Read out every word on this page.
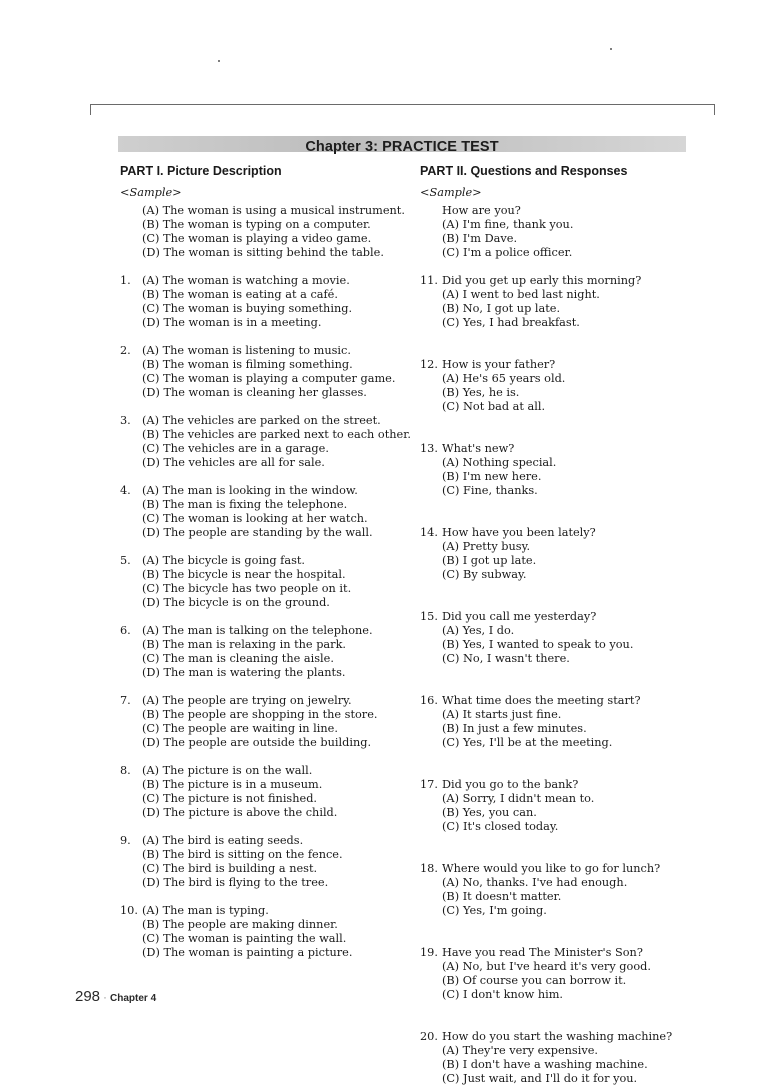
Chapter 3: PRACTICE TEST
PART I. Picture Description
<Sample>
(A) The woman is using a musical instrument.
(B) The woman is typing on a computer.
(C) The woman is playing a video game.
(D) The woman is sitting behind the table.
1. (A) The woman is watching a movie.
(B) The woman is eating at a café.
(C) The woman is buying something.
(D) The woman is in a meeting.
2. (A) The woman is listening to music.
(B) The woman is filming something.
(C) The woman is playing a computer game.
(D) The woman is cleaning her glasses.
3. (A) The vehicles are parked on the street.
(B) The vehicles are parked next to each other.
(C) The vehicles are in a garage.
(D) The vehicles are all for sale.
4. (A) The man is looking in the window.
(B) The man is fixing the telephone.
(C) The woman is looking at her watch.
(D) The people are standing by the wall.
5. (A) The bicycle is going fast.
(B) The bicycle is near the hospital.
(C) The bicycle has two people on it.
(D) The bicycle is on the ground.
6. (A) The man is talking on the telephone.
(B) The man is relaxing in the park.
(C) The man is cleaning the aisle.
(D) The man is watering the plants.
7. (A) The people are trying on jewelry.
(B) The people are shopping in the store.
(C) The people are waiting in line.
(D) The people are outside the building.
8. (A) The picture is on the wall.
(B) The picture is in a museum.
(C) The picture is not finished.
(D) The picture is above the child.
9. (A) The bird is eating seeds.
(B) The bird is sitting on the fence.
(C) The bird is building a nest.
(D) The bird is flying to the tree.
10. (A) The man is typing.
(B) The people are making dinner.
(C) The woman is painting the wall.
(D) The woman is painting a picture.
PART II. Questions and Responses
<Sample>
How are you?
(A) I'm fine, thank you.
(B) I'm Dave.
(C) I'm a police officer.
11. Did you get up early this morning?
(A) I went to bed last night.
(B) No, I got up late.
(C) Yes, I had breakfast.
12. How is your father?
(A) He's 65 years old.
(B) Yes, he is.
(C) Not bad at all.
13. What's new?
(A) Nothing special.
(B) I'm new here.
(C) Fine, thanks.
14. How have you been lately?
(A) Pretty busy.
(B) I got up late.
(C) By subway.
15. Did you call me yesterday?
(A) Yes, I do.
(B) Yes, I wanted to speak to you.
(C) No, I wasn't there.
16. What time does the meeting start?
(A) It starts just fine.
(B) In just a few minutes.
(C) Yes, I'll be at the meeting.
17. Did you go to the bank?
(A) Sorry, I didn't mean to.
(B) Yes, you can.
(C) It's closed today.
18. Where would you like to go for lunch?
(A) No, thanks. I've had enough.
(B) It doesn't matter.
(C) Yes, I'm going.
19. Have you read The Minister's Son?
(A) No, but I've heard it's very good.
(B) Of course you can borrow it.
(C) I don't know him.
20. How do you start the washing machine?
(A) They're very expensive.
(B) I don't have a washing machine.
(C) Just wait, and I'll do it for you.
298 · Chapter 4
